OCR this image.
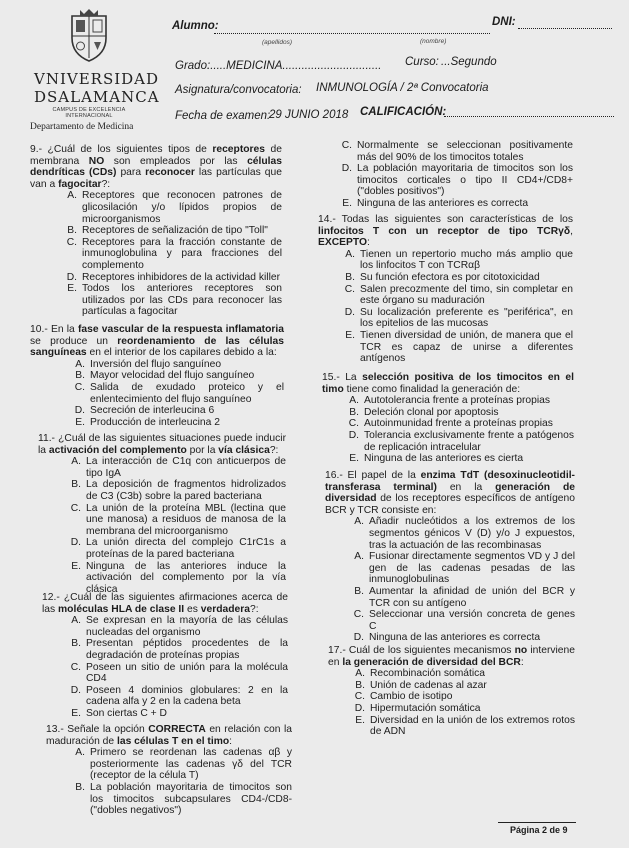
VNIVERSIDAD
DSALAMANCA
CAMPUS DE EXCELENCIA INTERNACIONAL
Departamento de Medicina
Alumno:
(apellidos)	(nombre)
DNI:
Grado:
......MEDICINA............................... Curso: ...Segundo
Asignatura/convocatoria: INMUNOLOGÍA / 2ª Convocatoria
Fecha de examen:
29 JUNIO 2018 CALIFICACIÓN:
9.- ¿Cuál de los siguientes tipos de receptores de membrana NO son empleados por las células dendríticas (CDs) para reconocer las partículas que van a fagocitar?:
A. Receptores que reconocen patrones de glicosilación y/o lípidos propios de microorganismos
B. Receptores de señalización de tipo "Toll"
C. Receptores para la fracción constante de inmunoglobulina y para fracciones del complemento
D. Receptores inhibidores de la actividad killer
E. Todos los anteriores receptores son utilizados por las CDs para reconocer las partículas a fagocitar
10.- En la fase vascular de la respuesta inflamatoria se produce un reordenamiento de las células sanguíneas en el interior de los capilares debido a la:
A. Inversión del flujo sanguíneo
B. Mayor velocidad del flujo sanguíneo
C. Salida de exudado proteico y el enlentecimiento del flujo sanguíneo
D. Secreción de interleucina 6
E. Producción de interleucina 2
11.- ¿Cuál de las siguientes situaciones puede inducir la activación del complemento por la vía clásica?:
A. La interacción de C1q con anticuerpos de tipo IgA
B. La deposición de fragmentos hidrolizados de C3 (C3b) sobre la pared bacteriana
C. La unión de la proteína MBL (lectina que une manosa) a residuos de manosa de la membrana del microorganismo
D. La unión directa del complejo C1rC1s a proteínas de la pared bacteriana
E. Ninguna de las anteriores induce la activación del complemento por la vía clásica
12.- ¿Cuál de las siguientes afirmaciones acerca de las moléculas HLA de clase II es verdadera?:
A. Se expresan en la mayoría de las células nucleadas del organismo
B. Presentan péptidos procedentes de la degradación de proteínas propias
C. Poseen un sitio de unión para la molécula CD4
D. Poseen 4 dominios globulares: 2 en la cadena alfa y 2 en la cadena beta
E. Son ciertas C + D
13.- Señale la opción CORRECTA en relación con la maduración de las células T en el timo:
A. Primero se reordenan las cadenas αβ y posteriormente las cadenas γδ del TCR (receptor de la célula T)
B. La población mayoritaria de timocitos son los timocitos subcapsulares CD4-/CD8- ("dobles negativos")
C. Normalmente se seleccionan positivamente más del 90% de los timocitos totales
D. La población mayoritaria de timocitos son los timocitos corticales o tipo II CD4+/CD8+ ("dobles positivos")
E. Ninguna de las anteriores es correcta
14.- Todas las siguientes son características de los linfocitos T con un receptor de tipo TCRγδ, EXCEPTO:
A. Tienen un repertorio mucho más amplio que los linfocitos T con TCRαβ
B. Su función efectora es por citotoxicidad
C. Salen precozmente del timo, sin completar en este órgano su maduración
D. Su localización preferente es "periférica", en los epitelios de las mucosas
E. Tienen diversidad de unión, de manera que el TCR es capaz de unirse a diferentes antígenos
15.- La selección positiva de los timocitos en el timo tiene como finalidad la generación de:
A. Autotolerancia frente a proteínas propias
B. Deleción clonal por apoptosis
C. Autoinmunidad frente a proteínas propias
D. Tolerancia exclusivamente frente a patógenos de replicación intracelular
E. Ninguna de las anteriores es cierta
16.- El papel de la enzima TdT (desoxinucleotidil-transferasa terminal) en la generación de diversidad de los receptores específicos de antígeno BCR y TCR consiste en:
A. Añadir nucleótidos a los extremos de los segmentos génicos V (D) y/o J expuestos, tras la actuación de las recombinasas
A. Fusionar directamente segmentos VD y J del gen de las cadenas pesadas de las inmunoglobulinas
B. Aumentar la afinidad de unión del BCR y TCR con su antígeno
C. Seleccionar una versión concreta de genes C
D. Ninguna de las anteriores es correcta
17.- Cuál de los siguientes mecanismos no interviene en la generación de diversidad del BCR:
A. Recombinación somática
B. Unión de cadenas al azar
C. Cambio de isotipo
D. Hipermutación somática
E. Diversidad en la unión de los extremos rotos de ADN
Página 2 de 9
